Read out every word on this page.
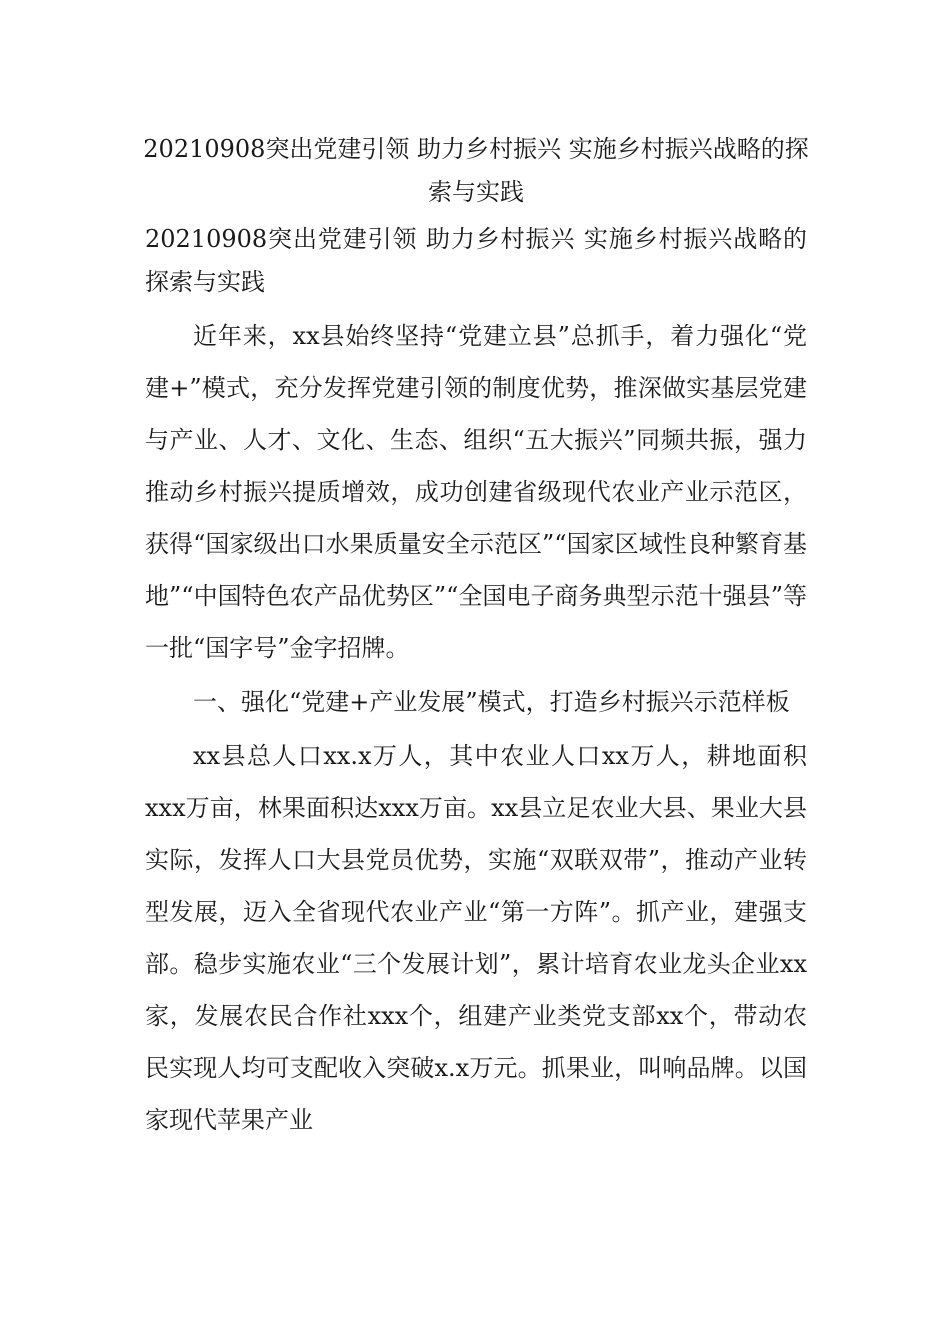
20210908突出党建引领 助力乡村振兴 实施乡村振兴战略的探索与实践

20210908突出党建引领 助力乡村振兴 实施乡村振兴战略的探索与实践

近年来，xx县始终坚持“党建立县”总抓手，着力强化“党建+”模式，充分发挥党建引领的制度优势，推深做实基层党建与产业、人才、文化、生态、组织“五大振兴”同频共振，强力推动乡村振兴提质增效，成功创建省级现代农业产业示范区，获得“国家级出口水果质量安全示范区”“国家区域性良种繁育基地”“中国特色农产品优势区”“全国电子商务典型示范十强县”等一批“国字号”金字招牌。

一、强化“党建+产业发展”模式，打造乡村振兴示范样板

xx县总人口xx.x万人，其中农业人口xx万人，耕地面积xxx万亩，林果面积达xxx万亩。xx县立足农业大县、果业大县实际，发挥人口大县党员优势，实施“双联双带”，推动产业转型发展，迈入全省现代农业产业“第一方阵”。抓产业，建强支部。稳步实施农业“三个发展计划”，累计培育农业龙头企业xx家，发展农民合作社xxx个，组建产业类党支部xx个，带动农民实现人均可支配收入突破x.x万元。抓果业，叫响品牌。以国家现代苹果产业
